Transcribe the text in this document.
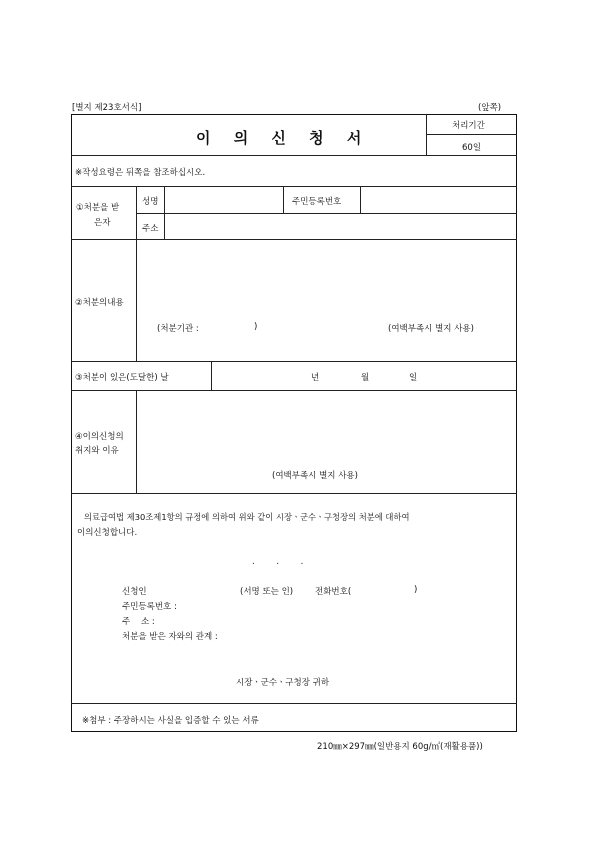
[별지 제23호서식]	(앞쪽)
이 의 신 청 서
처리기간
60일
※작성요령은 뒤쪽을 참조하십시오.
①처분을 받
은자
성명	주민등록번호
주소
②처분의내용
(처분기관 :	)	(여백부족시 별지 사용)
③처분이 있은(도달한) 날	년	월	일
④이의신청의
취지와 이유
(여백부족시 별지 사용)
의료급여법 제30조제1항의 규정에 의하여 위와 같이 시장ㆍ군수ㆍ구청장의 처분에 대하여
이의신청합니다.
.        .        .
신청인	(서명 또는 인)	전화번호(	)
주민등록번호 :
주    소 :
처분을 받은 자와의 관계 :
시장ㆍ군수ㆍ구청장 귀하
※첨부 : 주장하시는 사실을 입증할 수 있는 서류
210㎜×297㎜(일반용지 60g/㎡(재활용품))
